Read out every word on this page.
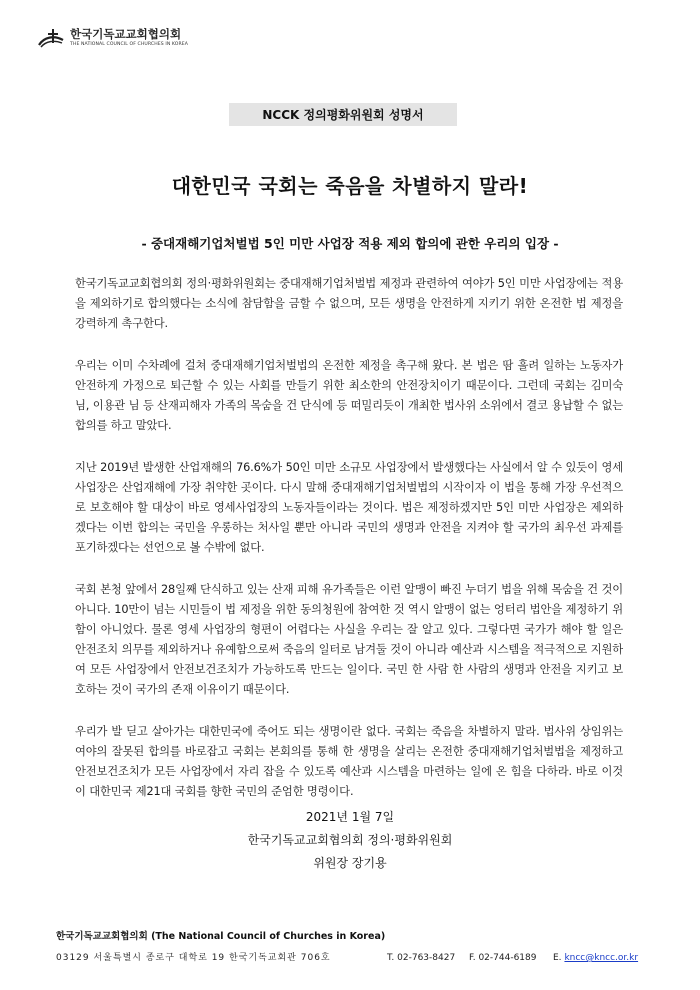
한국기독교교회협의회
THE NATIONAL COUNCIL OF CHURCHES IN KOREA
NCCK 정의평화위원회 성명서
대한민국 국회는 죽음을 차별하지 말라!
- 중대재해기업처벌법 5인 미만 사업장 적용 제외 합의에 관한 우리의 입장 -

한국기독교교회협의회 정의·평화위원회는 중대재해기업처벌법 제정과 관련하여 여야가 5인 미만 사업장에는 적용을 제외하기로 합의했다는 소식에 참담함을 금할 수 없으며, 모든 생명을 안전하게 지키기 위한 온전한 법 제정을 강력하게 촉구한다.

우리는 이미 수차례에 걸쳐 중대재해기업처벌법의 온전한 제정을 촉구해 왔다. 본 법은 땀 흘려 일하는 노동자가 안전하게 가정으로 퇴근할 수 있는 사회를 만들기 위한 최소한의 안전장치이기 때문이다. 그런데 국회는 김미숙 님, 이용관 님 등 산재피해자 가족의 목숨을 건 단식에 등 떠밀리듯이 개최한 법사위 소위에서 결코 용납할 수 없는 합의를 하고 말았다.

지난 2019년 발생한 산업재해의 76.6%가 50인 미만 소규모 사업장에서 발생했다는 사실에서 알 수 있듯이 영세 사업장은 산업재해에 가장 취약한 곳이다. 다시 말해 중대재해기업처벌법의 시작이자 이 법을 통해 가장 우선적으로 보호해야 할 대상이 바로 영세사업장의 노동자들이라는 것이다. 법은 제정하겠지만 5인 미만 사업장은 제외하겠다는 이번 합의는 국민을 우롱하는 처사일 뿐만 아니라 국민의 생명과 안전을 지켜야 할 국가의 최우선 과제를 포기하겠다는 선언으로 볼 수밖에 없다.

국회 본청 앞에서 28일째 단식하고 있는 산재 피해 유가족들은 이런 알맹이 빠진 누더기 법을 위해 목숨을 건 것이 아니다. 10만이 넘는 시민들이 법 제정을 위한 동의청원에 참여한 것 역시 알맹이 없는 엉터리 법안을 제정하기 위함이 아니었다. 물론 영세 사업장의 형편이 어렵다는 사실을 우리는 잘 알고 있다. 그렇다면 국가가 해야 할 일은 안전조치 의무를 제외하거나 유예함으로써 죽음의 일터로 남겨둘 것이 아니라 예산과 시스템을 적극적으로 지원하여 모든 사업장에서 안전보건조치가 가능하도록 만드는 일이다. 국민 한 사람 한 사람의 생명과 안전을 지키고 보호하는 것이 국가의 존재 이유이기 때문이다.

우리가 발 딛고 살아가는 대한민국에 죽어도 되는 생명이란 없다. 국회는 죽음을 차별하지 말라. 법사위 상임위는 여야의 잘못된 합의를 바로잡고 국회는 본회의를 통해 한 생명을 살리는 온전한 중대재해기업처벌법을 제정하고 안전보건조치가 모든 사업장에서 자리 잡을 수 있도록 예산과 시스템을 마련하는 일에 온 힘을 다하라. 바로 이것이 대한민국 제21대 국회를 향한 국민의 준엄한 명령이다.

2021년 1월 7일
한국기독교교회협의회 정의·평화위원회
위원장 장기용
한국기독교교회협의회 (The National Council of Churches in Korea)
03129 서울특별시 종로구 대학로 19 한국기독교회관 706호	T. 02-763-8427	F. 02-744-6189	E. kncc@kncc.or.kr
